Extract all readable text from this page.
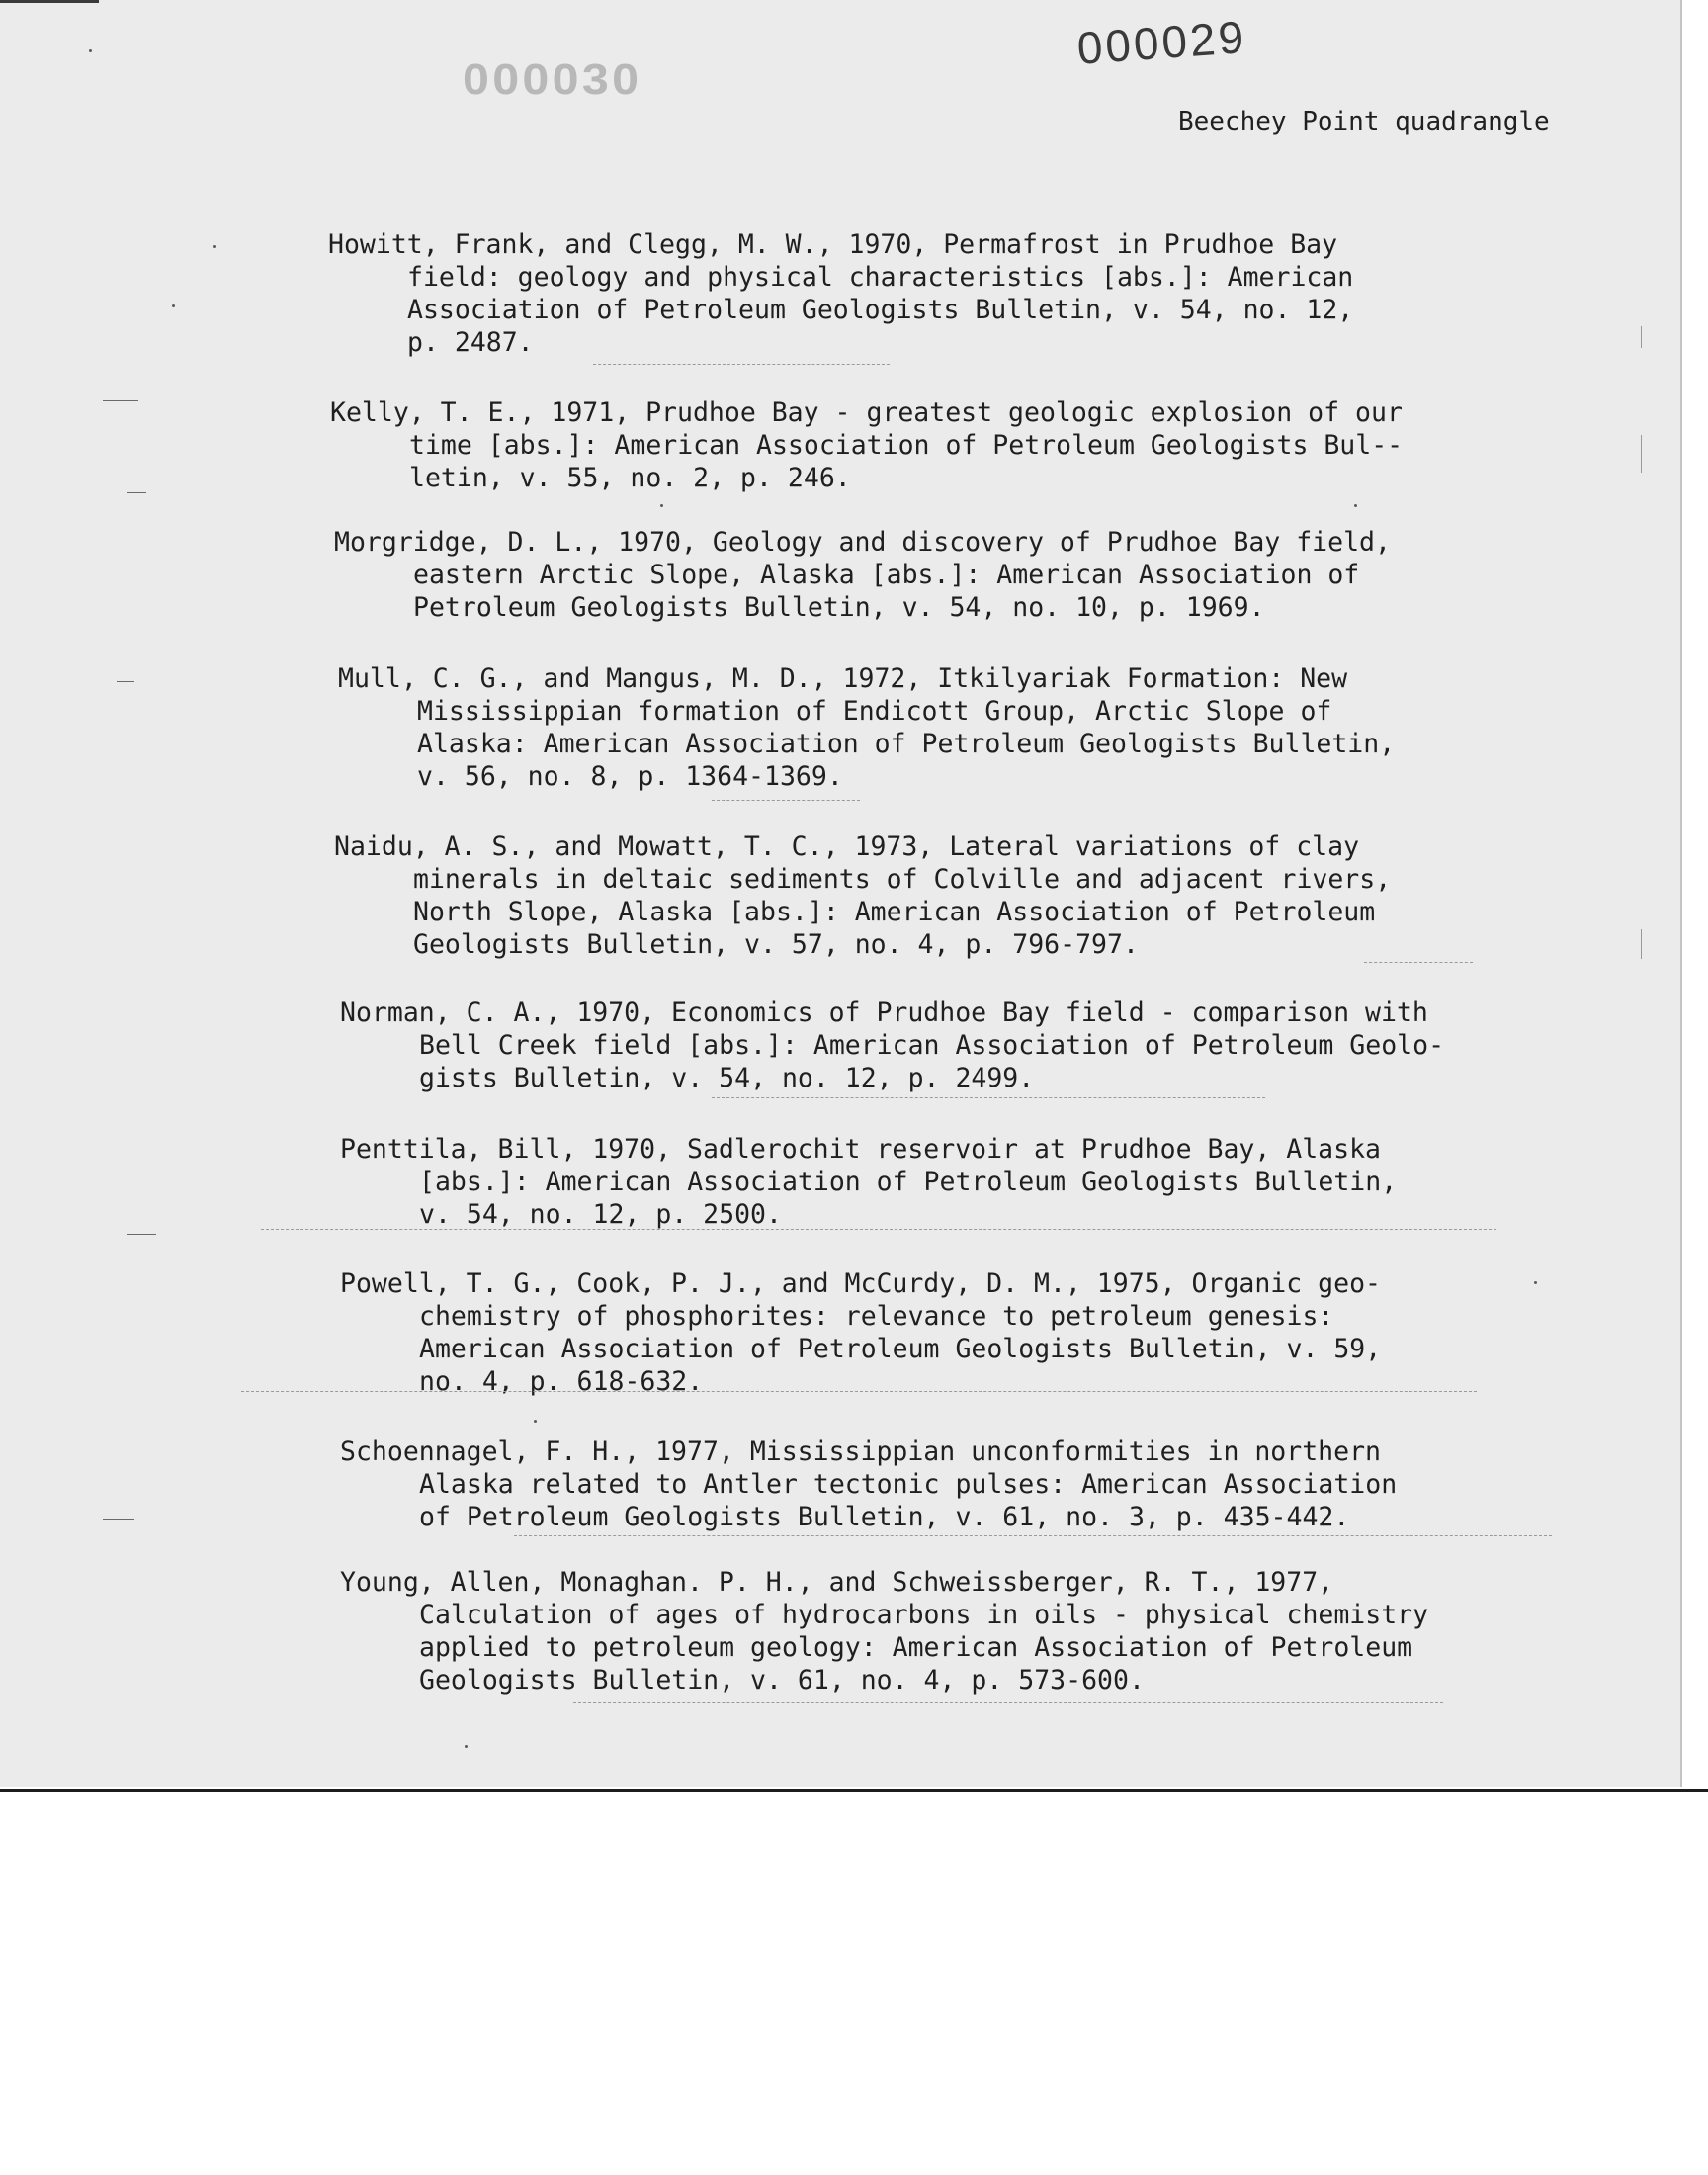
000030
000029
Beechey Point quadrangle
Howitt, Frank, and Clegg, M. W., 1970, Permafrost in Prudhoe Bay
field: geology and physical characteristics [abs.]: American
Association of Petroleum Geologists Bulletin, v. 54, no. 12,
p. 2487.
Kelly, T. E., 1971, Prudhoe Bay - greatest geologic explosion of our
time [abs.]: American Association of Petroleum Geologists Bul--
letin, v. 55, no. 2, p. 246.
Morgridge, D. L., 1970, Geology and discovery of Prudhoe Bay field,
eastern Arctic Slope, Alaska [abs.]: American Association of
Petroleum Geologists Bulletin, v. 54, no. 10, p. 1969.
Mull, C. G., and Mangus, M. D., 1972, Itkilyariak Formation: New
Mississippian formation of Endicott Group, Arctic Slope of
Alaska: American Association of Petroleum Geologists Bulletin,
v. 56, no. 8, p. 1364-1369.
Naidu, A. S., and Mowatt, T. C., 1973, Lateral variations of clay
minerals in deltaic sediments of Colville and adjacent rivers,
North Slope, Alaska [abs.]: American Association of Petroleum
Geologists Bulletin, v. 57, no. 4, p. 796-797.
Norman, C. A., 1970, Economics of Prudhoe Bay field - comparison with
Bell Creek field [abs.]: American Association of Petroleum Geolo-
gists Bulletin, v. 54, no. 12, p. 2499.
Penttila, Bill, 1970, Sadlerochit reservoir at Prudhoe Bay, Alaska
[abs.]: American Association of Petroleum Geologists Bulletin,
v. 54, no. 12, p. 2500.
Powell, T. G., Cook, P. J., and McCurdy, D. M., 1975, Organic geo-
chemistry of phosphorites: relevance to petroleum genesis:
American Association of Petroleum Geologists Bulletin, v. 59,
no. 4, p. 618-632.
Schoennagel, F. H., 1977, Mississippian unconformities in northern
Alaska related to Antler tectonic pulses: American Association
of Petroleum Geologists Bulletin, v. 61, no. 3, p. 435-442.
Young, Allen, Monaghan. P. H., and Schweissberger, R. T., 1977,
Calculation of ages of hydrocarbons in oils - physical chemistry
applied to petroleum geology: American Association of Petroleum
Geologists Bulletin, v. 61, no. 4, p. 573-600.
